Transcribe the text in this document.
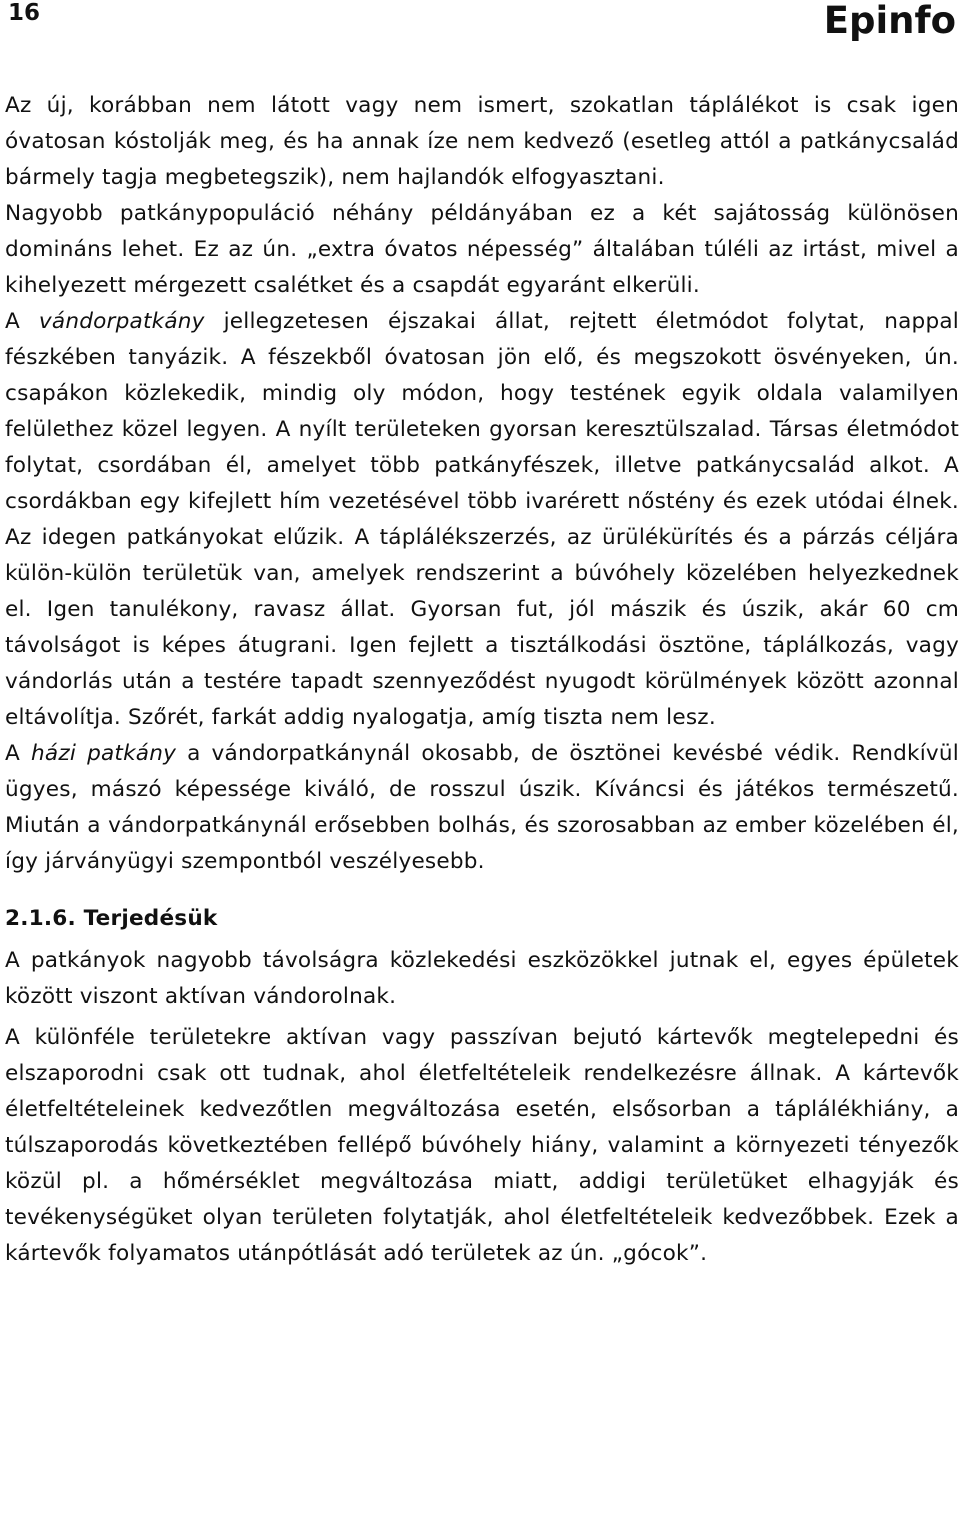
16	Epinfo

Az új, korábban nem látott vagy nem ismert, szokatlan táplálékot is csak igen óvatosan kóstolják meg, és ha annak íze nem kedvező (esetleg attól a patkánycsalád bármely tagja megbetegszik), nem hajlandók elfogyasztani.

Nagyobb patkánypopuláció néhány példányában ez a két sajátosság különösen domináns lehet. Ez az ún. „extra óvatos népesség” általában túléli az irtást, mivel a kihelyezett mérgezett csalétket és a csapdát egyaránt elkerüli.

A vándorpatkány jellegzetesen éjszakai állat, rejtett életmódot folytat, nappal fészkében tanyázik. A fészekből óvatosan jön elő, és megszokott ösvényeken, ún. csapákon közlekedik, mindig oly módon, hogy testének egyik oldala valamilyen felülethez közel legyen. A nyílt területeken gyorsan keresztülszalad. Társas életmódot folytat, csordában él, amelyet több patkányfészek, illetve patkánycsalád alkot. A csordákban egy kifejlett hím vezetésével több ivarérett nőstény és ezek utódai élnek. Az idegen patkányokat elűzik. A táplálékszerzés, az ürülékürítés és a párzás céljára külön-külön területük van, amelyek rendszerint a búvóhely közelében helyezkednek el. Igen tanulékony, ravasz állat. Gyorsan fut, jól mászik és úszik, akár 60 cm távolságot is képes átugrani. Igen fejlett a tisztálkodási ösztöne, táplálkozás, vagy vándorlás után a testére tapadt szennyeződést nyugodt körülmények között azonnal eltávolítja. Szőrét, farkát addig nyalogatja, amíg tiszta nem lesz.

A házi patkány a vándorpatkánynál okosabb, de ösztönei kevésbé védik. Rendkívül ügyes, mászó képessége kiváló, de rosszul úszik. Kíváncsi és játékos természetű. Miután a vándorpatkánynál erősebben bolhás, és szorosabban az ember közelében él, így járványügyi szempontból veszélyesebb.

2.1.6. Terjedésük

A patkányok nagyobb távolságra közlekedési eszközökkel jutnak el, egyes épületek között viszont aktívan vándorolnak.

A különféle területekre aktívan vagy passzívan bejutó kártevők megtelepedni és elszaporodni csak ott tudnak, ahol életfeltételeik rendelkezésre állnak. A kártevők életfeltételeinek kedvezőtlen megváltozása esetén, elsősorban a táplálékhiány, a túlszaporodás következtében fellépő búvóhely hiány, valamint a környezeti tényezők közül pl. a hőmérséklet megváltozása miatt, addigi területüket elhagyják és tevékenységüket olyan területen folytatják, ahol életfeltételeik kedvezőbbek. Ezek a kártevők folyamatos utánpótlását adó területek az ún. „gócok”.
